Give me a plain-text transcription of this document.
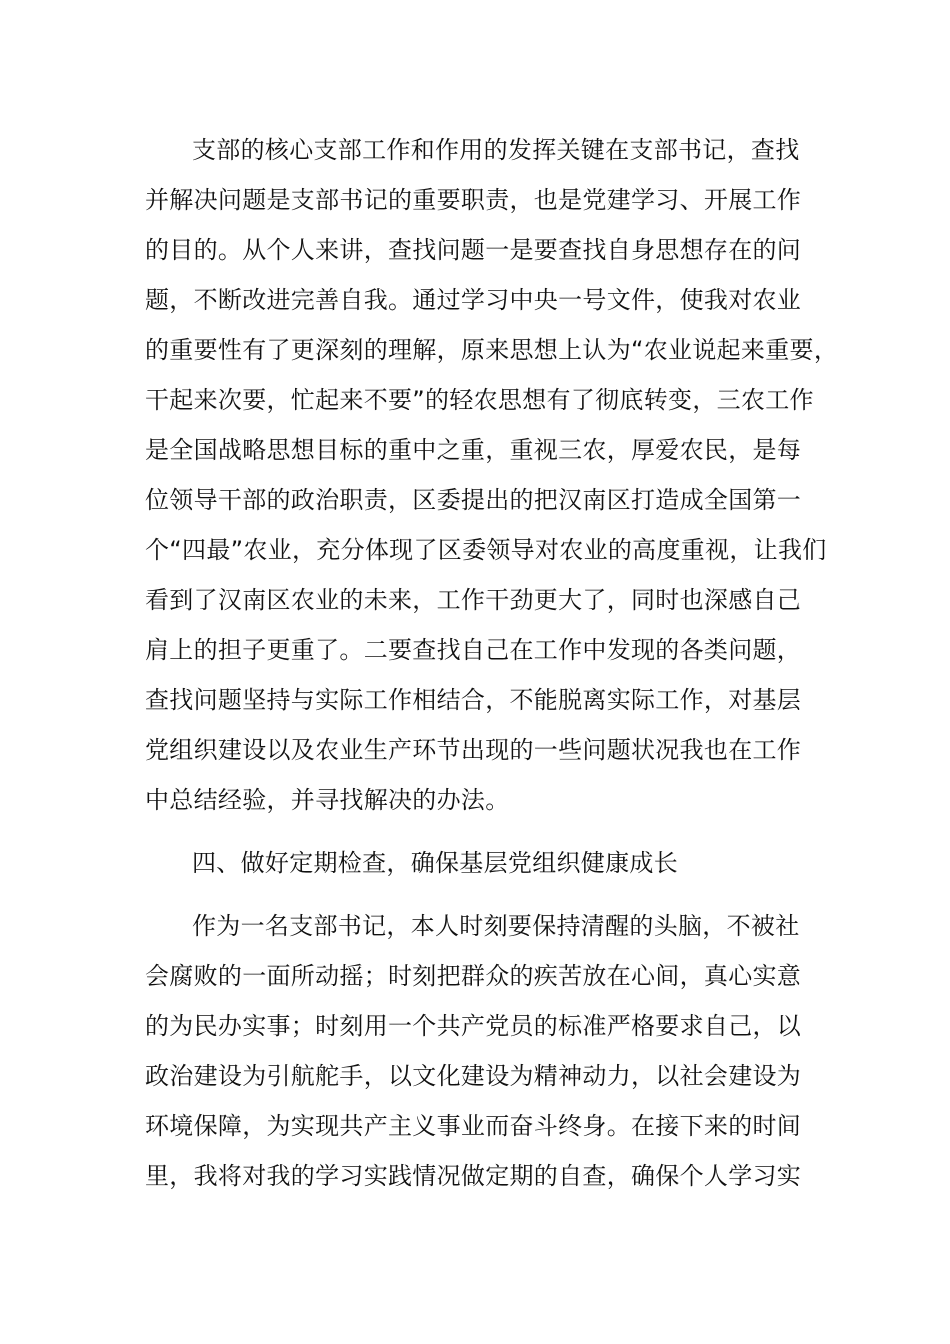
支部的核心支部工作和作用的发挥关键在支部书记，查找
并解决问题是支部书记的重要职责，也是党建学习、开展工作
的目的。从个人来讲，查找问题一是要查找自身思想存在的问
题，不断改进完善自我。通过学习中央一号文件，使我对农业
的重要性有了更深刻的理解，原来思想上认为“农业说起来重要，
干起来次要，忙起来不要”的轻农思想有了彻底转变，三农工作
是全国战略思想目标的重中之重，重视三农，厚爱农民，是每
位领导干部的政治职责，区委提出的把汉南区打造成全国第一
个“四最”农业，充分体现了区委领导对农业的高度重视，让我们
看到了汉南区农业的未来，工作干劲更大了，同时也深感自己
肩上的担子更重了。二要查找自己在工作中发现的各类问题，
查找问题坚持与实际工作相结合，不能脱离实际工作，对基层
党组织建设以及农业生产环节出现的一些问题状况我也在工作
中总结经验，并寻找解决的办法。
四、做好定期检查，确保基层党组织健康成长
作为一名支部书记，本人时刻要保持清醒的头脑，不被社
会腐败的一面所动摇；时刻把群众的疾苦放在心间，真心实意
的为民办实事；时刻用一个共产党员的标准严格要求自己，以
政治建设为引航舵手，以文化建设为精神动力，以社会建设为
环境保障，为实现共产主义事业而奋斗终身。在接下来的时间
里，我将对我的学习实践情况做定期的自查，确保个人学习实
